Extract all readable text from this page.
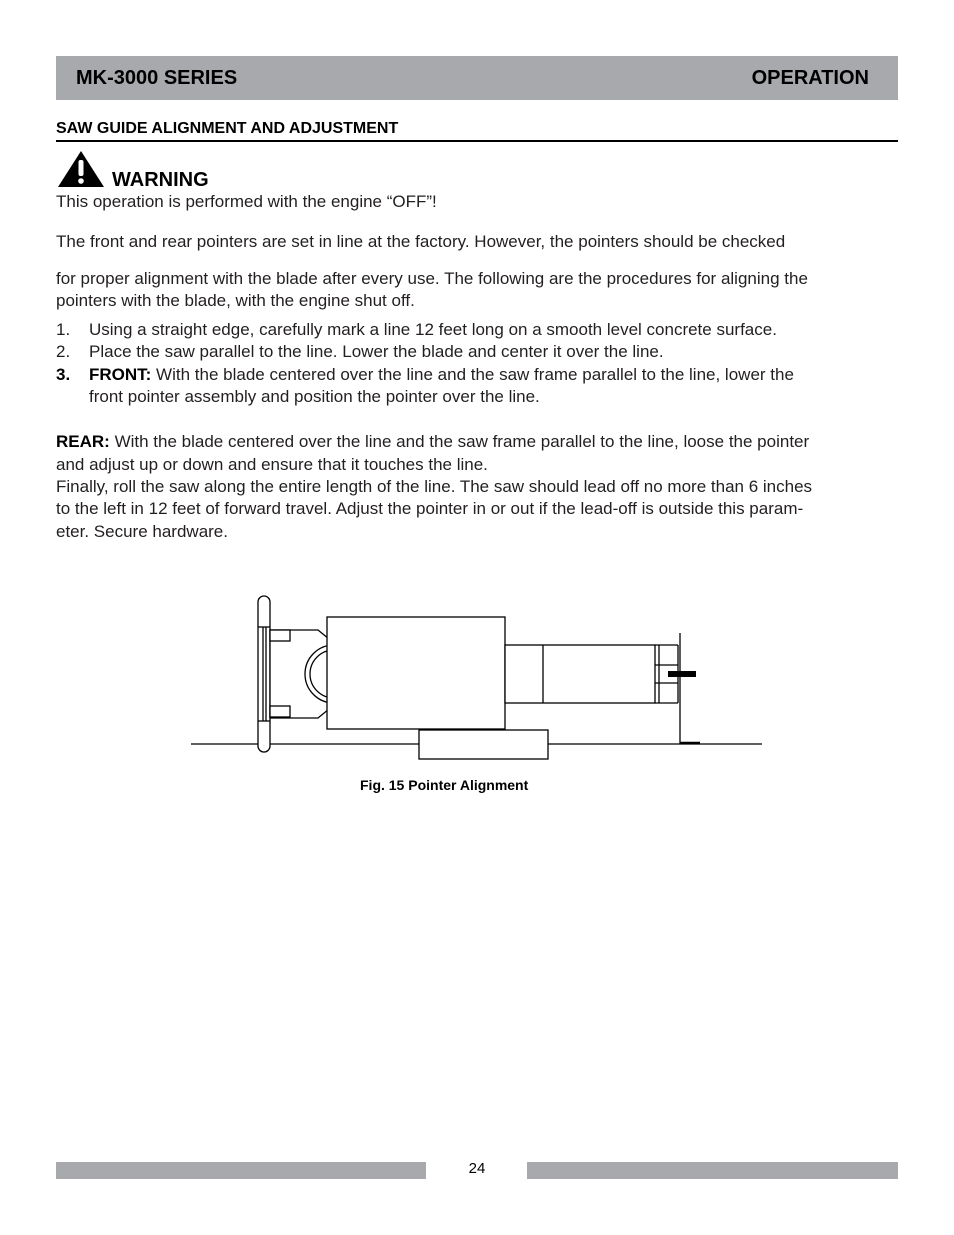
MK-3000 SERIES	OPERATION
SAW GUIDE ALIGNMENT AND ADJUSTMENT
WARNING
This operation is performed with the engine “OFF”!
The front and rear pointers are set in line at the factory. However, the pointers should be checked
for proper alignment with the blade after every use. The following are the procedures for aligning the
pointers with the blade, with the engine shut off.
1.	Using a straight edge, carefully mark a line 12 feet long on a smooth level concrete surface.
2.	Place the saw parallel to the line. Lower the blade and center it over the line.
3.	FRONT: With the blade centered over the line and the saw frame parallel to the line, lower the
front pointer assembly and position the pointer over the line.
REAR: With the blade centered over the line and the saw frame parallel to the line, loose the pointer
and adjust up or down and ensure that it touches the line.
Finally, roll the saw along the entire length of the line. The saw should lead off no more than 6 inches
to the left in 12 feet of forward travel. Adjust the pointer in or out if the lead-off is outside this param-
eter. Secure hardware.
Fig. 15 Pointer Alignment
24
